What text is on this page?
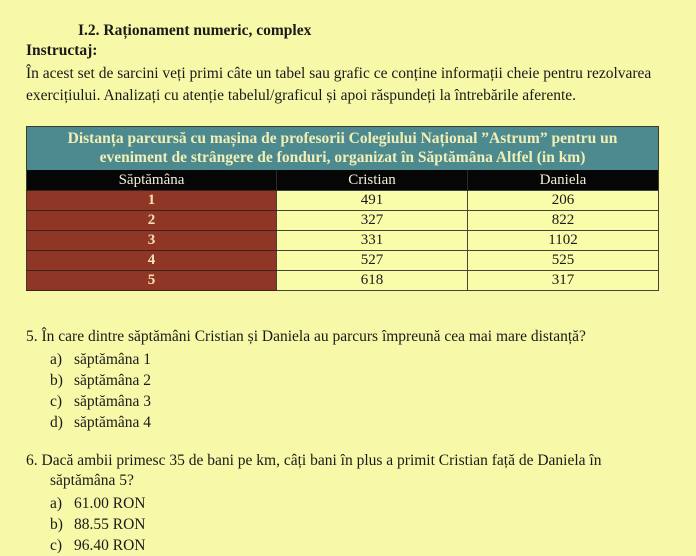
I.2. Raționament numeric, complex
Instructaj:

În acest set de sarcini veți primi câte un tabel sau grafic ce conține informații cheie pentru rezolvarea exercițiului. Analizați cu atenție tabelul/graficul și apoi răspundeți la întrebările aferente.

Distanța parcursă cu mașina de profesorii Colegiului Național ”Astrum” pentru un
eveniment de strângere de fonduri, organizat în Săptămâna Altfel (in km)		
Săptămâna	Cristian	Daniela
1	491	206
2	327	822
3	331	1102
4	527	525
5	618	317
5. În care dintre săptămâni Cristian și Daniela au parcurs împreună cea mai mare distanță?
a) săptămâna 1
b) săptămâna 2
c) săptămâna 3
d) săptămâna 4
6. Dacă ambii primesc 35 de bani pe km, câți bani în plus a primit Cristian față de Daniela în
săptămâna 5?
a) 61.00 RON
b) 88.55 RON
c) 96.40 RON
